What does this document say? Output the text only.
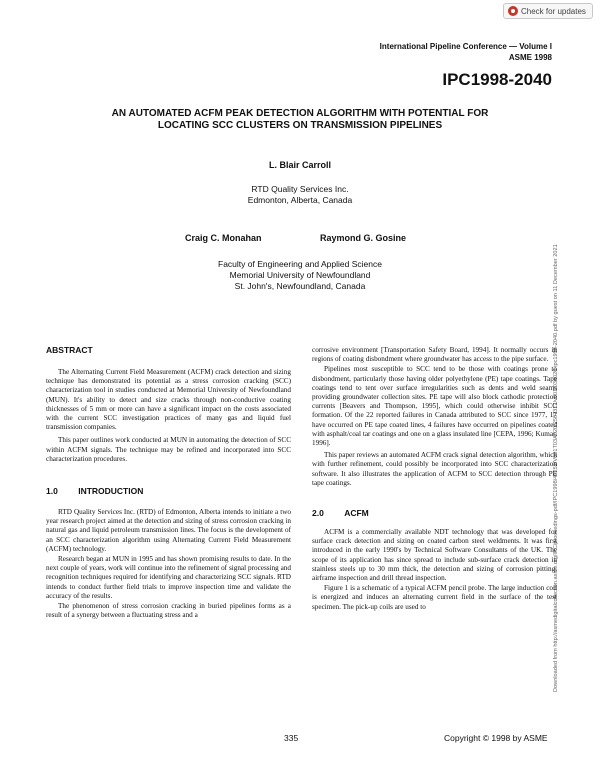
Check for updates
International Pipeline Conference — Volume I
ASME 1998
IPC1998-2040
AN AUTOMATED ACFM PEAK DETECTION ALGORITHM WITH POTENTIAL FOR
LOCATING SCC CLUSTERS ON TRANSMISSION PIPELINES
L. Blair Carroll
RTD Quality Services Inc.
Edmonton, Alberta, Canada
Craig C. Monahan	Raymond G. Gosine
Faculty of Engineering and Applied Science
Memorial University of Newfoundland
St. John's, Newfoundland, Canada	Downloaded from http://asmedigitalcollection.asme.org/IPC/proceedings-pdf/IPC1998/40252/V001T03A020/2507312/v001t03a020-ipc1998-2040.pdf by guest on 11 December 2021
ABSTRACT

The Alternating Current Field Measurement (ACFM) crack detection and sizing technique has demonstrated its potential as a stress corrosion cracking (SCC) characterization tool in studies conducted at Memorial University of Newfoundland (MUN). It's ability to detect and size cracks through non-conductive coating thicknesses of 5 mm or more can have a significant impact on the costs associated with the current SCC investigation practices of many gas and liquid fuel transmission companies.

This paper outlines work conducted at MUN in automating the detection of SCC within ACFM signals. The technique may be refined and incorporated into SCC characterization procedures.

1.0 INTRODUCTION

RTD Quality Services Inc. (RTD) of Edmonton, Alberta intends to initiate a two year research project aimed at the detection and sizing of stress corrosion cracking in natural gas and liquid petroleum transmission lines. The focus is the development of an SCC characterization algorithm using Alternating Current Field Measurement (ACFM) technology.

Research began at MUN in 1995 and has shown promising results to date. In the next couple of years, work will continue into the refinement of signal processing and recognition techniques required for identifying and characterizing SCC signals. RTD intends to conduct further field trials to improve inspection time and validate the accuracy of the results.

The phenomenon of stress corrosion cracking in buried pipelines forms as a result of a synergy between a fluctuating stress and a

corrosive environment [Transportation Safety Board, 1994]. It normally occurs in regions of coating disbondment where groundwater has access to the pipe surface.

Pipelines most susceptible to SCC tend to be those with coatings prone to disbondment, particularly those having older polyethylene (PE) tape coatings. Tape coatings tend to tent over surface irregularities such as dents and weld seams providing groundwater collection sites. PE tape will also block cathodic protection currents [Beavers and Thompson, 1995], which could otherwise inhibit SCC formation. Of the 22 reported failures in Canada attributed to SCC since 1977, 17 have occurred on PE tape coated lines, 4 failures have occurred on pipelines coated with asphalt/coal tar coatings and one on a glass insulated line [CEPA, 1996; Kumar, 1996].

This paper reviews an automated ACFM crack signal detection algorithm, which with further refinement, could possibly be incorporated into SCC characterization software. It also illustrates the application of ACFM to SCC detection through PE tape coatings.

2.0 ACFM

ACFM is a commercially available NDT technology that was developed for surface crack detection and sizing on coated carbon steel weldments. It was first introduced in the early 1990's by Technical Software Consultants of the UK. The scope of its application has since spread to include sub-surface crack detection in stainless steels up to 30 mm thick, the detection and sizing of corrosion pitting, airframe inspection and drill thread inspection.

Figure 1 is a schematic of a typical ACFM pencil probe. The large induction coil is energized and induces an alternating current field in the surface of the test specimen. The pick-up coils are used to

335	Copyright © 1998 by ASME
